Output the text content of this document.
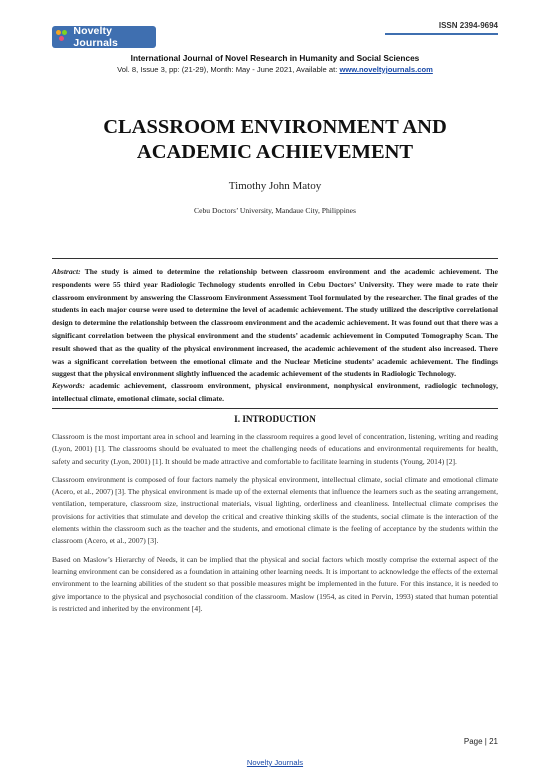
Novelty Journals
ISSN 2394-9694
International Journal of Novel Research in Humanity and Social Sciences
Vol. 8, Issue 3, pp: (21-29), Month: May - June 2021, Available at: www.noveltyjournals.com
CLASSROOM ENVIRONMENT AND
ACADEMIC ACHIEVEMENT
Timothy John Matoy
Cebu Doctors’ University, Mandaue City, Philippines
Abstract: The study is aimed to determine the relationship between classroom environment and the academic achievement. The respondents were 55 third year Radiologic Technology students enrolled in Cebu Doctors’ University. They were made to rate their classroom environment by answering the Classroom Environment Assessment Tool formulated by the researcher. The final grades of the students in each major course were used to determine the level of academic achievement. The study utilized the descriptive correlational design to determine the relationship between the classroom environment and the academic achievement. It was found out that there was a significant correlation between the physical environment and the students’ academic achievement in Computed Tomography Scan. The result showed that as the quality of the physical environment increased, the academic achievement of the student also increased. There was a significant correlation between the emotional climate and the Nuclear Meticine students’ academic achievement. The findings suggest that the physical environment slightly influenced the academic achievement of the students in Radiologic Technology.
Keywords: academic achievement, classroom environment, physical environment, nonphysical environment, radiologic technology, intellectual climate, emotional climate, social climate.
I. INTRODUCTION

Classroom is the most important area in school and learning in the classroom requires a good level of concentration, listening, writing and reading (Lyon, 2001) [1]. The classrooms should be evaluated to meet the challenging needs of educations and environmental requirements for health, safety and security (Lyon, 2001) [1]. It should be made attractive and comfortable to facilitate learning in students (Young, 2014) [2].

Classroom environment is composed of four factors namely the physical environment, intellectual climate, social climate and emotional climate (Acero, et al., 2007) [3]. The physical environment is made up of the external elements that influence the learners such as the seating arrangement, ventilation, temperature, classroom size, instructional materials, visual lighting, orderliness and cleanliness. Intellectual climate comprises the provisions for activities that stimulate and develop the critical and creative thinking skills of the students, social climate is the interaction of the elements within the classroom such as the teacher and the students, and emotional climate is the feeling of acceptance by the students within the classroom (Acero, et al., 2007) [3].

Based on Maslow’s Hierarchy of Needs, it can be implied that the physical and social factors which mostly comprise the external aspect of the learning environment can be considered as a foundation in attaining other learning needs. It is important to acknowledge the effects of the external environment to the learning abilities of the student so that possible measures might be implemented in the future. For this instance, it is needed to give importance to the physical and psychosocial condition of the classroom. Maslow (1954, as cited in Pervin, 1993) stated that human potential is restricted and inherited by the environment [4].

Page | 21
Novelty Journals
